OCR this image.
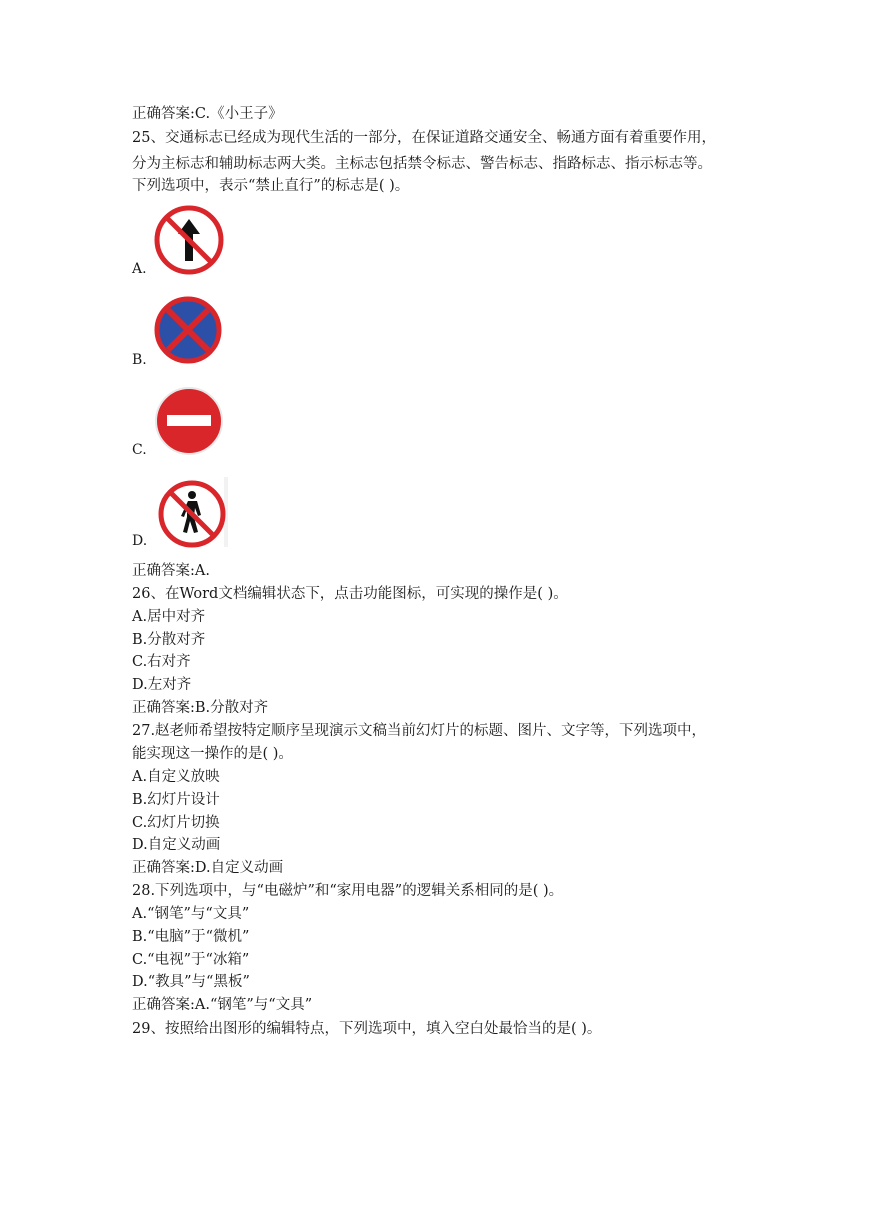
正确答案:C.《小王子》
25、交通标志已经成为现代生活的一部分，在保证道路交通安全、畅通方面有着重要作用，
分为主标志和辅助标志两大类。主标志包括禁令标志、警告标志、指路标志、指示标志等。
下列选项中，表示“禁止直行”的标志是( )。
A.
B.
C.
D.
正确答案:A.
26、在Word文档编辑状态下，点击功能图标，可实现的操作是( )。
A.居中对齐
B.分散对齐
C.右对齐
D.左对齐
正确答案:B.分散对齐
27.赵老师希望按特定顺序呈现演示文稿当前幻灯片的标题、图片、文字等，下列选项中，
能实现这一操作的是( )。
A.自定义放映
B.幻灯片设计
C.幻灯片切换
D.自定义动画
正确答案:D.自定义动画
28.下列选项中，与“电磁炉”和“家用电器”的逻辑关系相同的是( )。
A.“钢笔”与“文具”
B.“电脑”于“微机”
C.“电视”于“冰箱”
D.“教具”与“黑板”
正确答案:A.“钢笔”与“文具”
29、按照给出图形的编辑特点，下列选项中，填入空白处最恰当的是( )。
